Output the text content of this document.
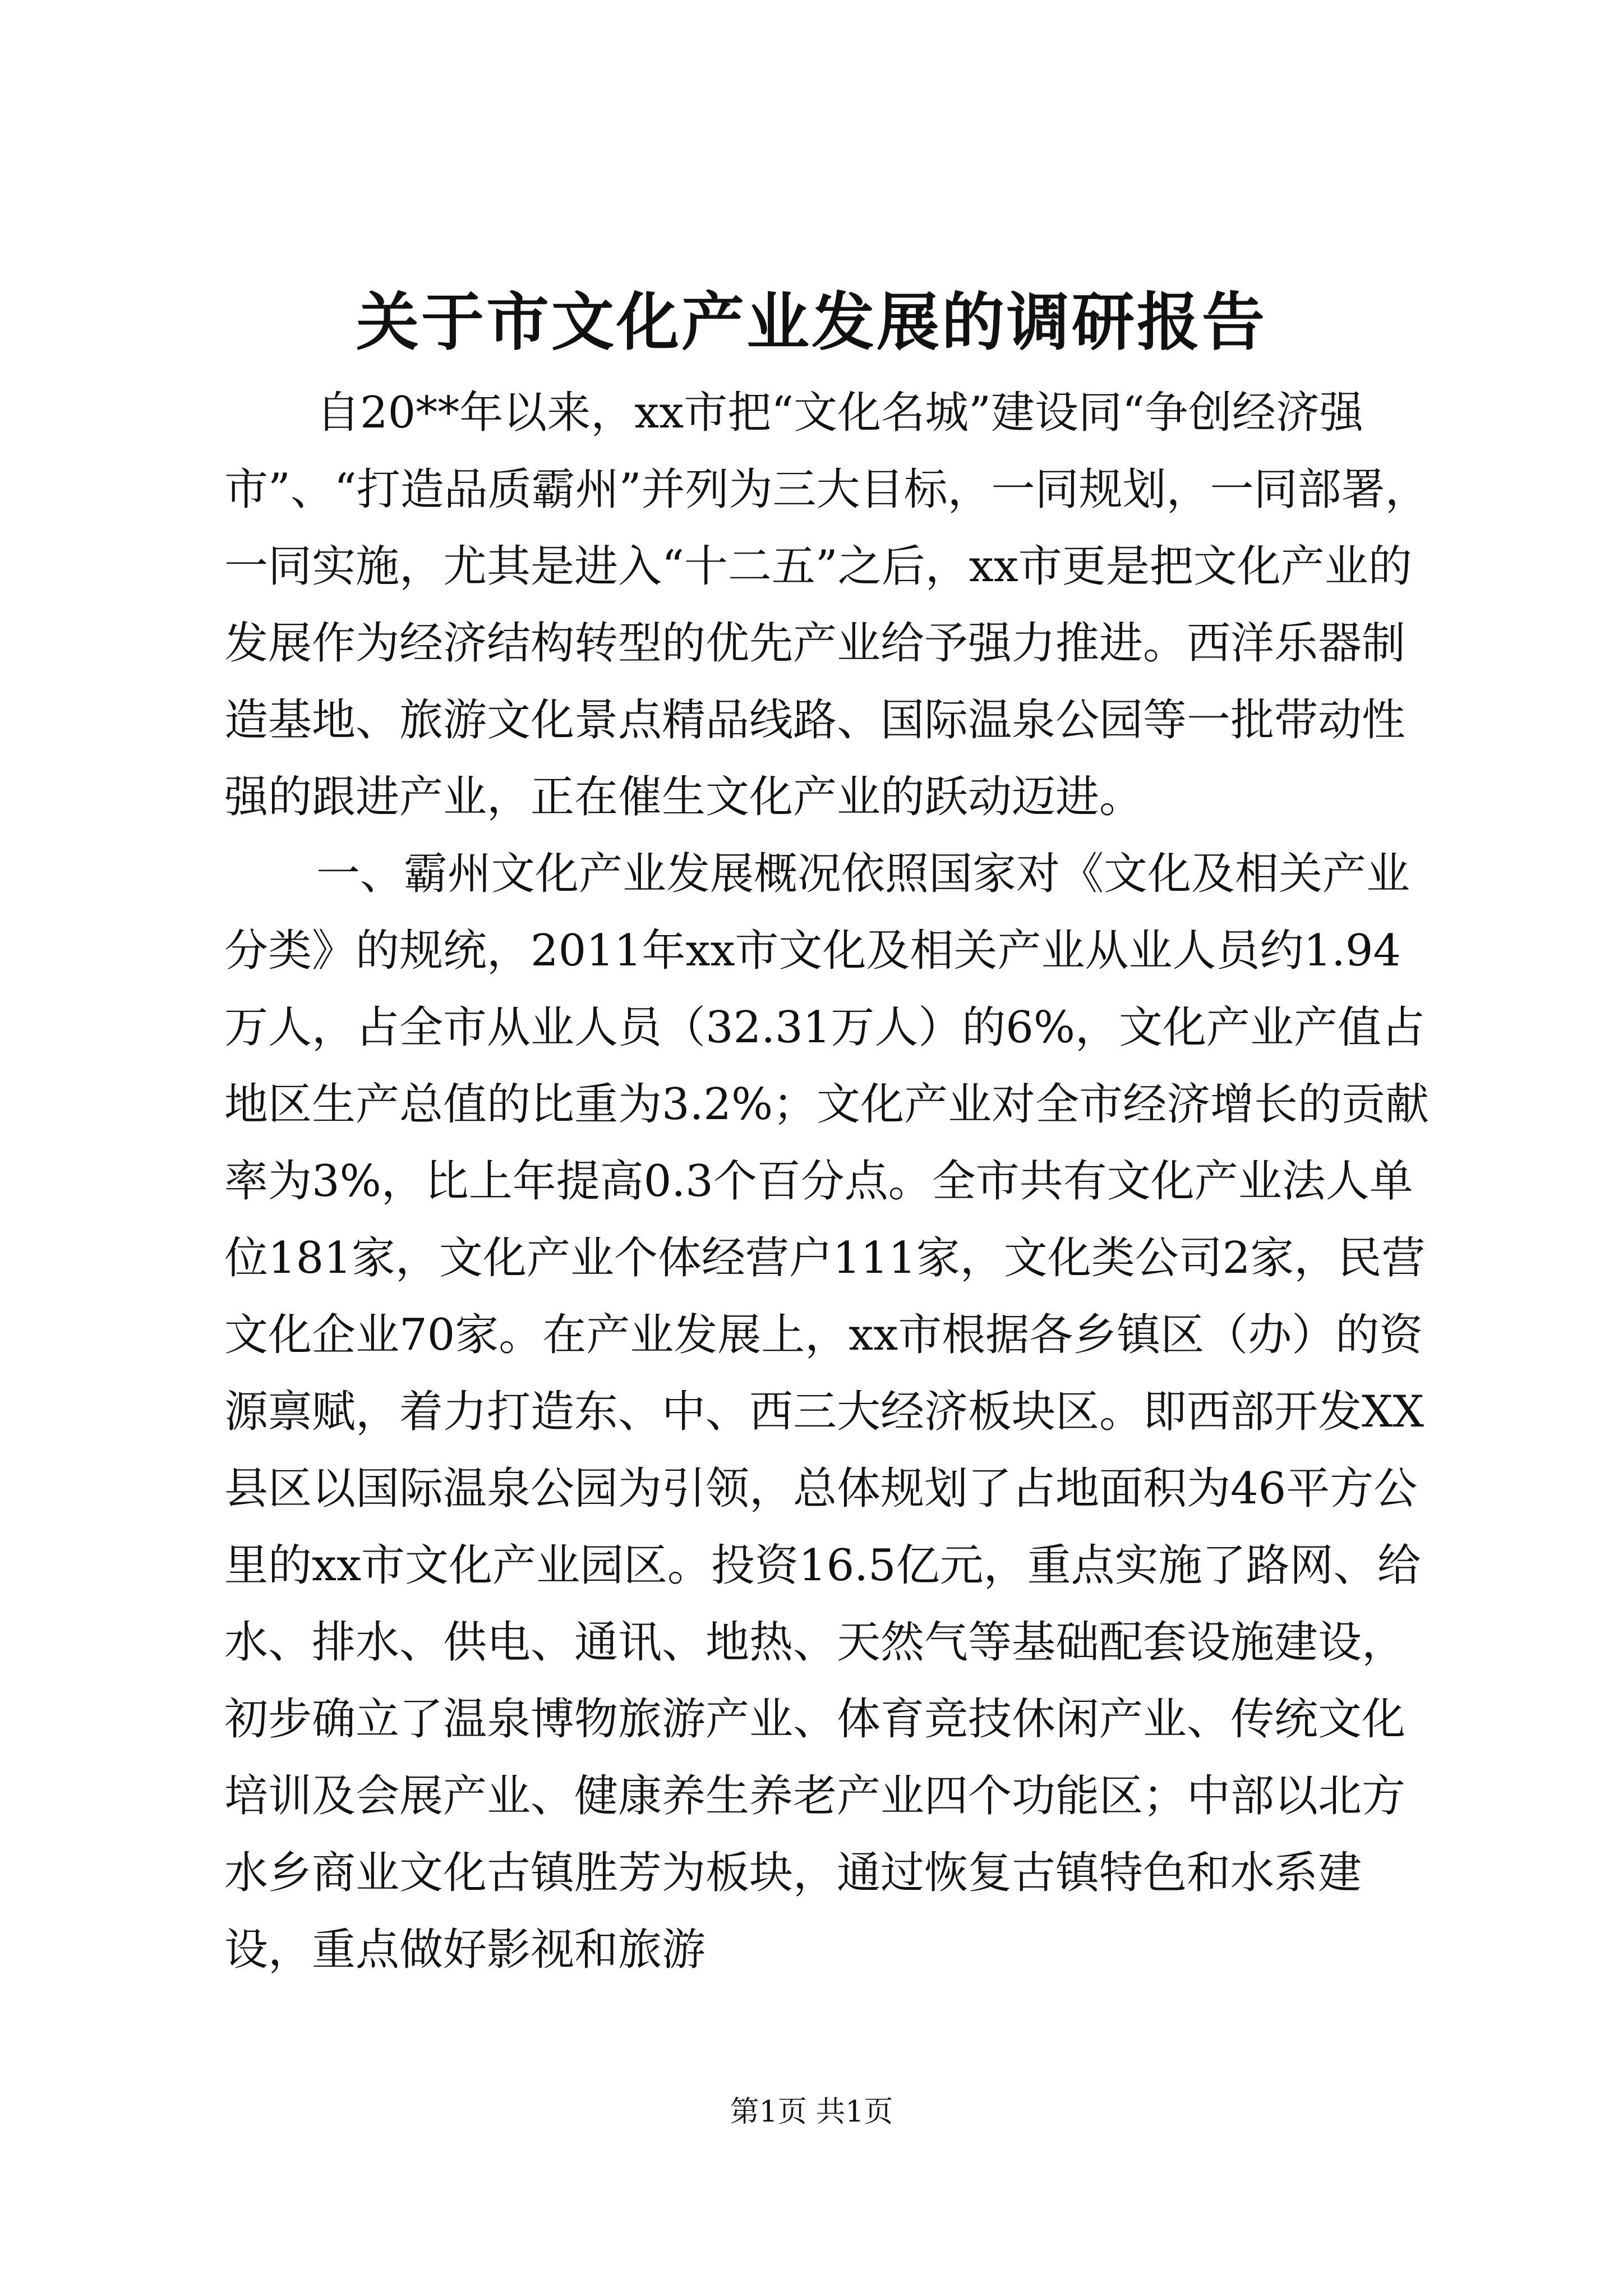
关于市文化产业发展的调研报告

自20**年以来，xx市把“文化名城”建设同“争创经济强市”、“打造品质霸州”并列为三大目标，一同规划，一同部署，一同实施，尤其是进入“十二五”之后，xx市更是把文化产业的发展作为经济结构转型的优先产业给予强力推进。西洋乐器制造基地、旅游文化景点精品线路、国际温泉公园等一批带动性强的跟进产业，正在催生文化产业的跃动迈进。

一、霸州文化产业发展概况依照国家对《文化及相关产业分类》的规统，2011年xx市文化及相关产业从业人员约1.94万人，占全市从业人员（32.31万人）的6%，文化产业产值占地区生产总值的比重为3.2%；文化产业对全市经济增长的贡献率为3%，比上年提高0.3个百分点。全市共有文化产业法人单位181家，文化产业个体经营户111家，文化类公司2家，民营文化企业70家。在产业发展上，xx市根据各乡镇区（办）的资源禀赋，着力打造东、中、西三大经济板块区。即西部开发XX县区以国际温泉公园为引领，总体规划了占地面积为46平方公里的xx市文化产业园区。投资16.5亿元，重点实施了路网、给水、排水、供电、通讯、地热、天然气等基础配套设施建设，初步确立了温泉博物旅游产业、体育竞技休闲产业、传统文化培训及会展产业、健康养生养老产业四个功能区；中部以北方水乡商业文化古镇胜芳为板块，通过恢复古镇特色和水系建设，重点做好影视和旅游

第1页 共1页
